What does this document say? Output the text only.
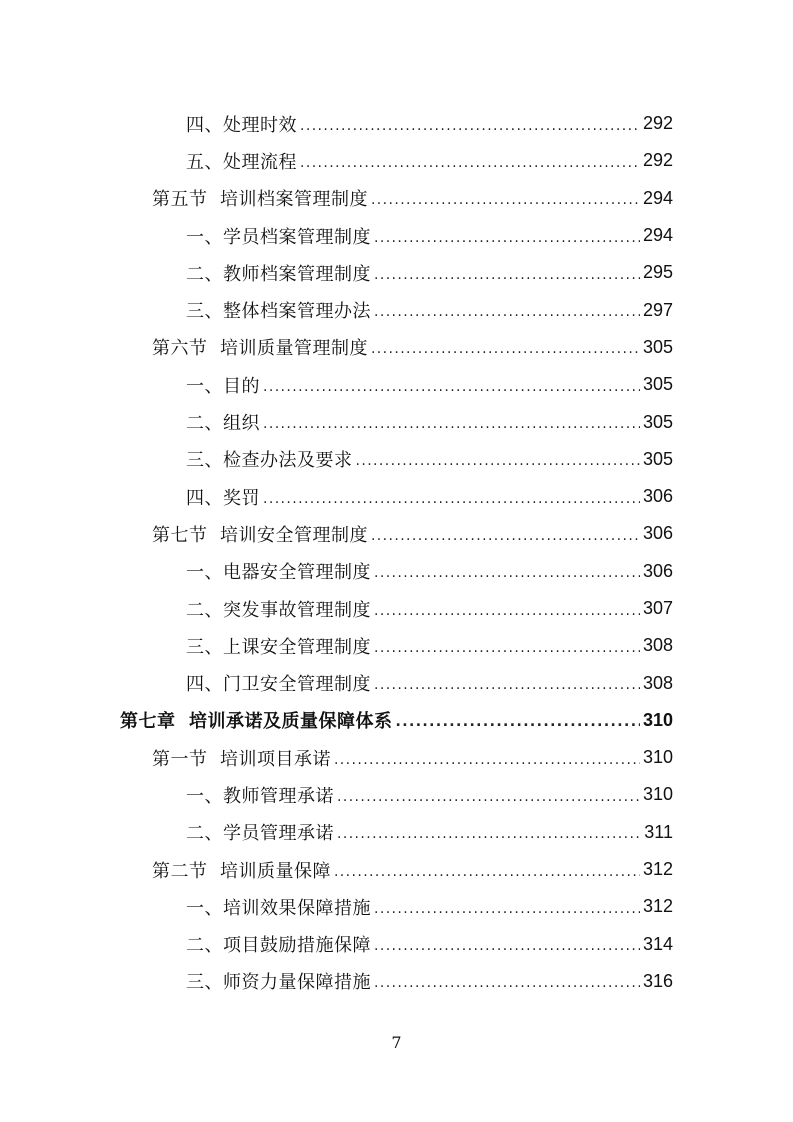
四、处理时效 .....	292
五、处理流程 .....	292
第五节  培训档案管理制度 .....	294
一、学员档案管理制度 .....	294
二、教师档案管理制度 .....	295
三、整体档案管理办法 .....	297
第六节  培训质量管理制度 .....	305
一、目的 .....	305
二、组织 .....	305
三、检查办法及要求 .....	305
四、奖罚 .....	306
第七节  培训安全管理制度 .....	306
一、电器安全管理制度 .....	306
二、突发事故管理制度 .....	307
三、上课安全管理制度 .....	308
四、门卫安全管理制度 .....	308
第七章  培训承诺及质量保障体系 .....	310
第一节  培训项目承诺 .....	310
一、教师管理承诺 .....	310
二、学员管理承诺 .....	311
第二节  培训质量保障 .....	312
一、培训效果保障措施 .....	312
二、项目鼓励措施保障 .....	314
三、师资力量保障措施 .....	316
7
